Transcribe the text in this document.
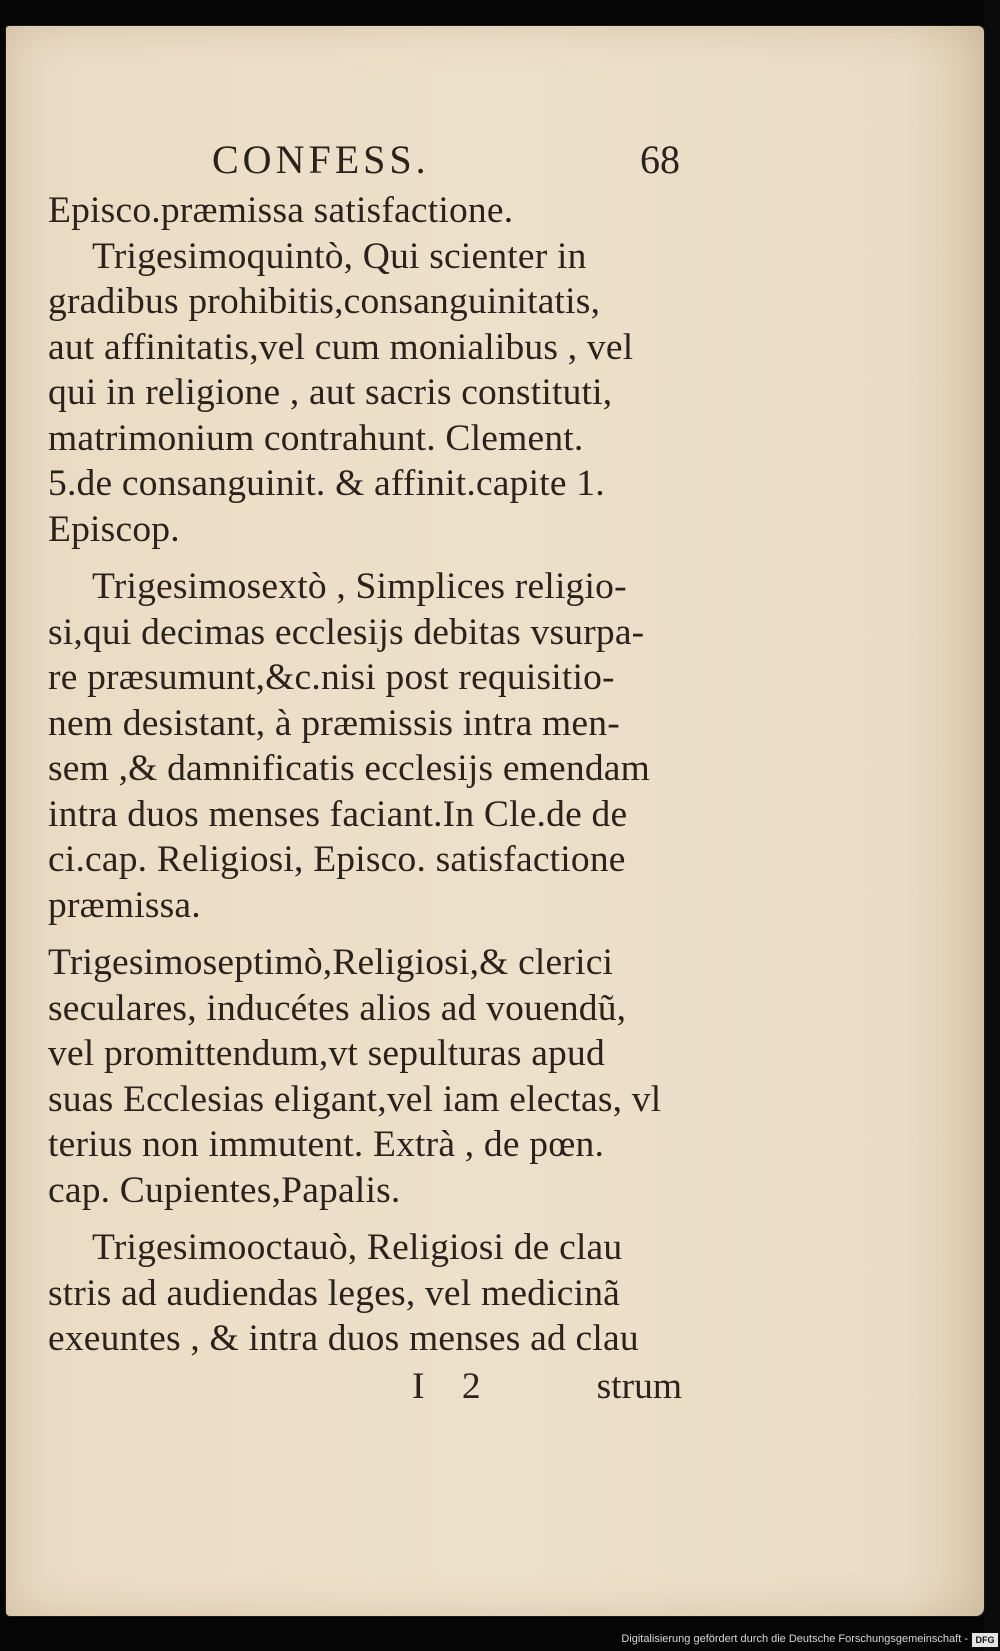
CONFESS.	68
Episco.præmissa satisfactione.
Trigesimoquintò, Qui scienter in
gradibus prohibitis,consanguinitatis,
aut affinitatis,vel cum monialibus , vel
qui in religione , aut sacris constituti,
matrimonium contrahunt. Clement.
5.de consanguinit. & affinit.capite 1.
Episcop.
Trigesimosextò , Simplices religio-
si,qui decimas ecclesijs debitas vsurpa-
re præsumunt,&c.nisi post requisitio-
nem desistant, à præmissis intra men-
sem ,& damnificatis ecclesijs emendam
intra duos menses faciant.In Cle.de de
ci.cap. Religiosi, Episco. satisfactione
præmissa.
Trigesimoseptimò,Religiosi,& clerici
seculares, inducétes alios ad vouendũ,
vel promittendum,vt sepulturas apud
suas Ecclesias eligant,vel iam electas, vl
terius non immutent. Extrà , de pœn.
cap. Cupientes,Papalis.
Trigesimooctauò, Religiosi de clau
stris ad audiendas leges, vel medicinã
exeuntes , & intra duos menses ad clau
I 2	strum
Digitalisierung gefördert durch die Deutsche Forschungsgemeinschaft - DFG
